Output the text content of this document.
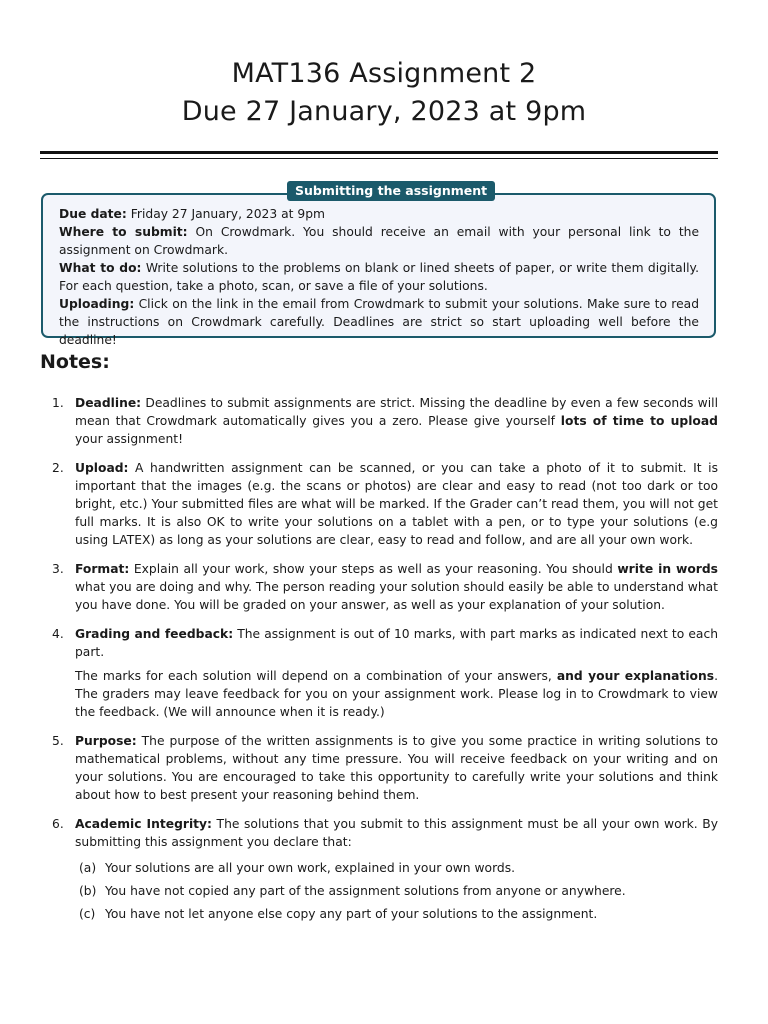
MAT136 Assignment 2
Due 27 January, 2023 at 9pm
Submitting the assignment

Due date: Friday 27 January, 2023 at 9pm

Where to submit: On Crowdmark. You should receive an email with your personal link to the assignment on Crowdmark.

What to do: Write solutions to the problems on blank or lined sheets of paper, or write them digitally. For each question, take a photo, scan, or save a file of your solutions.

Uploading: Click on the link in the email from Crowdmark to submit your solutions. Make sure to read the instructions on Crowdmark carefully. Deadlines are strict so start uploading well before the deadline!

Notes:
1. Deadline: Deadlines to submit assignments are strict. Missing the deadline by even a few seconds will mean that Crowdmark automatically gives you a zero. Please give yourself lots of time to upload your assignment!

2. Upload: A handwritten assignment can be scanned, or you can take a photo of it to submit. It is important that the images (e.g. the scans or photos) are clear and easy to read (not too dark or too bright, etc.) Your submitted files are what will be marked. If the Grader can’t read them, you will not get full marks. It is also OK to write your solutions on a tablet with a pen, or to type your solutions (e.g using LATEX) as long as your solutions are clear, easy to read and follow, and are all your own work.

3. Format: Explain all your work, show your steps as well as your reasoning. You should write in words what you are doing and why. The person reading your solution should easily be able to understand what you have done. You will be graded on your answer, as well as your explanation of your solution.

4. Grading and feedback: The assignment is out of 10 marks, with part marks as indicated next to each part.

The marks for each solution will depend on a combination of your answers, and your explanations. The graders may leave feedback for you on your assignment work. Please log in to Crowdmark to view the feedback. (We will announce when it is ready.)

5. Purpose: The purpose of the written assignments is to give you some practice in writing solutions to mathematical problems, without any time pressure. You will receive feedback on your writing and on your solutions. You are encouraged to take this opportunity to carefully write your solutions and think about how to best present your reasoning behind them.

6. Academic Integrity: The solutions that you submit to this assignment must be all your own work. By submitting this assignment you declare that:

(a) Your solutions are all your own work, explained in your own words.
(b) You have not copied any part of the assignment solutions from anyone or anywhere.
(c) You have not let anyone else copy any part of your solutions to the assignment.
